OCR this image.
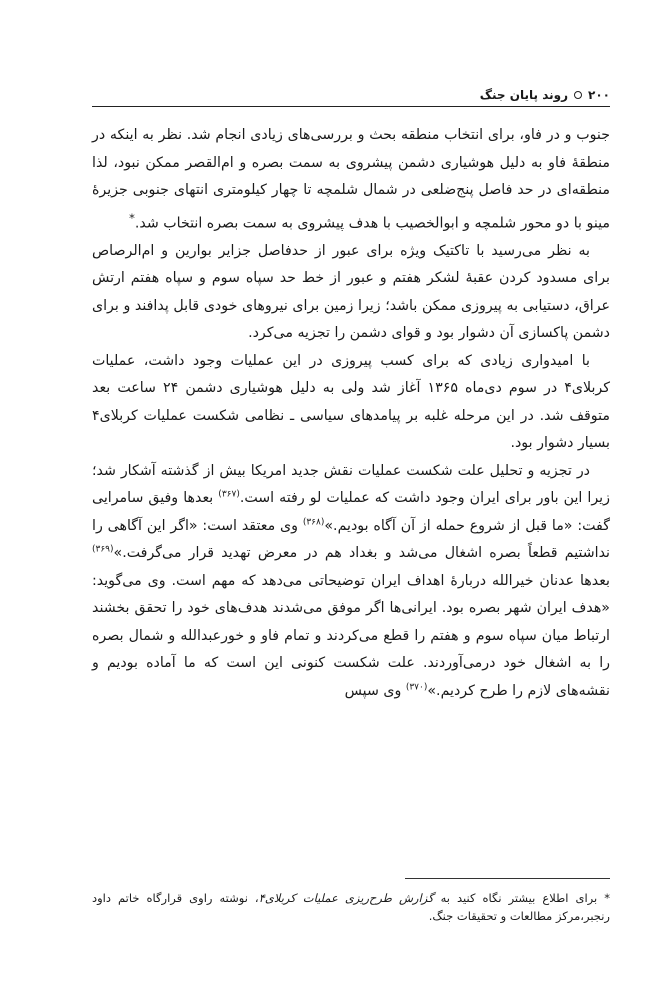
۲۰۰
روند پایان جنگ

جنوب و در فاو، برای انتخاب منطقه بحث و بررسی‌های زیادی انجام شد. نظر به اینکه در منطقهٔ فاو به دلیل هوشیاری دشمن پیشروی به سمت بصره و ام‌القصر ممکن نبود، لذا منطقه‌ای در حد فاصل پنج‌ضلعی در شمال شلمچه تا چهار کیلومتری انتهای جنوبی جزیرهٔ مینو با دو محور شلمچه و ابوالخصیب با هدف پیشروی به سمت بصره انتخاب شد.*

به نظر می‌رسید با تاکتیک ویژه برای عبور از حدفاصل جزایر بوارین و ام‌الرصاص برای مسدود کردن عقبهٔ لشکر هفتم و عبور از خط حد سپاه سوم و سپاه هفتم ارتش عراق، دستیابی به پیروزی ممکن باشد؛ زیرا زمین برای نیروهای خودی قابل پدافند و برای دشمن پاکسازی آن دشوار بود و قوای دشمن را تجزیه می‌کرد.

با امیدواری زیادی که برای کسب پیروزی در این عملیات وجود داشت، عملیات کربلای۴ در سوم دی‌ماه ۱۳۶۵ آغاز شد ولی به دلیل هوشیاری دشمن ۲۴ ساعت بعد متوقف شد. در این مرحله غلبه بر پیامدهای سیاسی ـ نظامی شکست عملیات کربلای۴ بسیار دشوار بود.

در تجزیه و تحلیل علت شکست عملیات نقش جدید امریکا بیش از گذشته آشکار شد؛ زیرا این باور برای ایران وجود داشت که عملیات لو رفته است.$^{(۳۶۷)}$ بعدها وفیق سامرایی گفت: «ما قبل از شروع حمله از آن آگاه بودیم.»$^{(۳۶۸)}$ وی معتقد است: «اگر این آگاهی را نداشتیم قطعاً بصره اشغال می‌شد و بغداد هم در معرض تهدید قرار می‌گرفت.»$^{(۳۶۹)}$ بعدها عدنان خیرالله دربارهٔ اهداف ایران توضیحاتی می‌دهد که مهم است. وی می‌گوید: «هدف ایران شهر بصره بود. ایرانی‌ها اگر موفق می‌شدند هدف‌های خود را تحقق بخشند ارتباط میان سپاه سوم و هفتم را قطع می‌کردند و تمام فاو و خورعبدالله و شمال بصره را به اشغال خود درمی‌آوردند. علت شکست کنونی این است که ما آماده بودیم و نقشه‌های لازم را طرح کردیم.»$^{(۳۷۰)}$ وی سپس

* برای اطلاع بیشتر نگاه کنید به گزارش طرح‌ریزی عملیات کربلای۴، نوشته راوی قرارگاه خاتم داود رنجبر،مرکز مطالعات و تحقیقات جنگ.
